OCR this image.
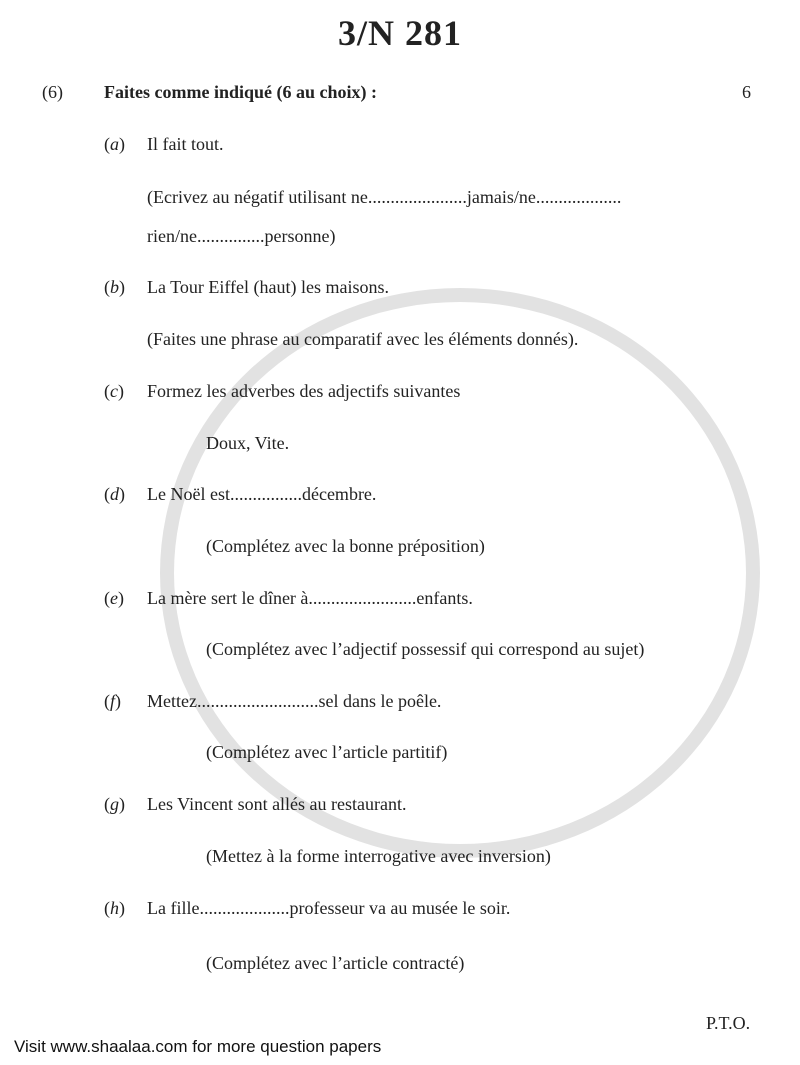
3/N 281
(6) Faites comme indiqué (6 au choix) :	6
(a) Il fait tout.
(Ecrivez au négatif utilisant ne......................jamais/ne...................
rien/ne...............personne)
(b) La Tour Eiffel (haut) les maisons.
(Faites une phrase au comparatif avec les éléments donnés).
(c) Formez les adverbes des adjectifs suivantes
Doux, Vite.
(d) Le Noël est................décembre.
(Complétez avec la bonne préposition)
(e) La mère sert le dîner à........................enfants.
(Complétez avec l’adjectif possessif qui correspond au sujet)
(f) Mettez...........................sel dans le poêle.
(Complétez avec l’article partitif)
(g) Les Vincent sont allés au restaurant.
(Mettez à la forme interrogative avec inversion)
(h) La fille....................professeur va au musée le soir.
(Complétez avec l’article contracté)
P.T.O.
Visit www.shaalaa.com for more question papers
